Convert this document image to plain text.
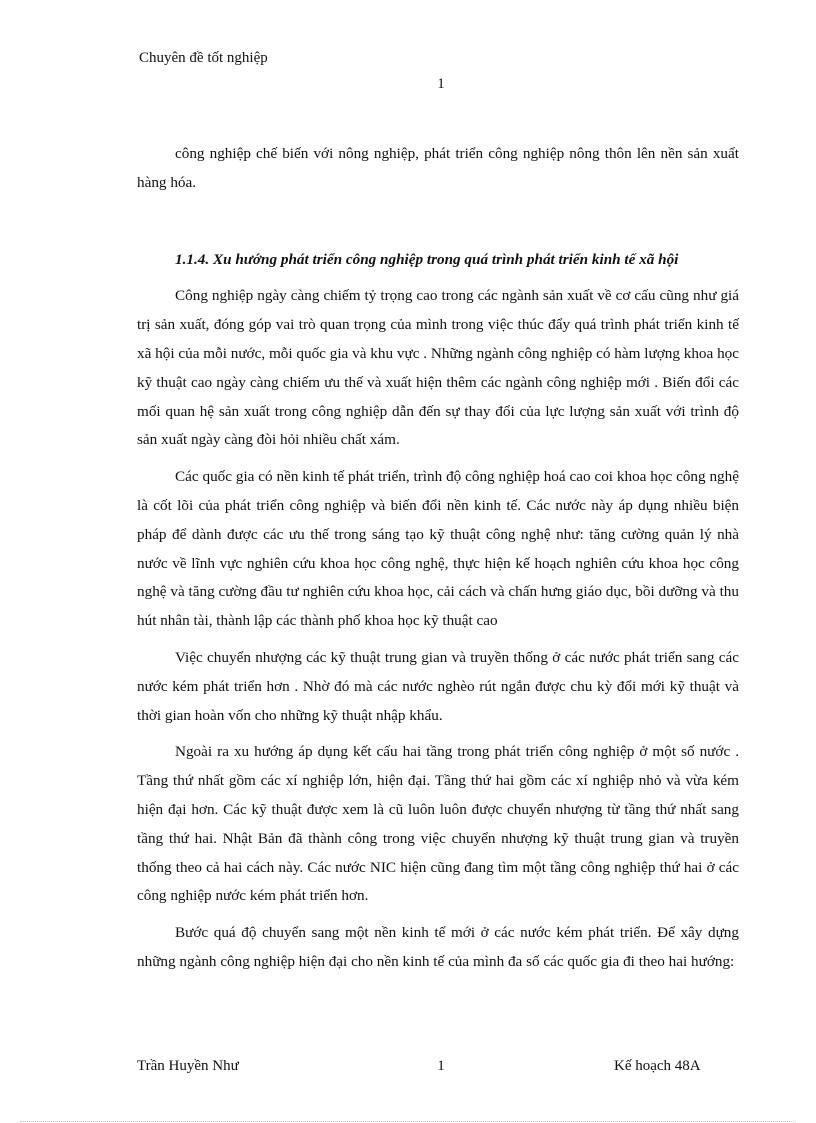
Chuyên đề tốt nghiệp
1

công nghiệp chế biến với nông nghiệp, phát triển công nghiệp nông thôn lên nền sản xuất hàng hóa.

1.1.4. Xu hướng phát triển công nghiệp trong quá trình phát triển kinh tế xã hội

Công nghiệp ngày càng chiếm tỷ trọng cao trong các ngành sản xuất về cơ cấu cũng như giá trị sản xuất, đóng góp vai trò quan trọng của mình trong việc thúc đẩy quá trình phát triển kinh tế xã hội của mỗi nước, mỗi quốc gia và khu vực . Những ngành công nghiệp có hàm lượng khoa học kỹ thuật cao ngày càng chiếm ưu thế và xuất hiện thêm các ngành công nghiệp mới . Biến đổi các mối quan hệ sản xuất trong công nghiệp dẫn đến sự thay đổi của lực lượng sản xuất với trình độ sản xuất ngày càng đòi hỏi nhiều chất xám.

Các quốc gia có nền kinh tế phát triển, trình độ công nghiệp hoá cao coi khoa học công nghệ là cốt lõi của phát triển công nghiệp và biến đổi nền kinh tế. Các nước này áp dụng nhiều biện pháp để dành được các ưu thế trong sáng tạo kỹ thuật công nghệ như: tăng cường quản lý nhà nước về lĩnh vực nghiên cứu khoa học công nghệ, thực hiện kế hoạch nghiên cứu khoa học công nghệ và tăng cường đầu tư nghiên cứu khoa học, cải cách và chấn hưng giáo dục, bồi dưỡng và thu hút nhân tài, thành lập các thành phố khoa học kỹ thuật cao

Việc chuyển nhượng các kỹ thuật trung gian và truyền thống ở các nước phát triển sang các nước kém phát triển hơn . Nhờ đó mà các nước nghèo rút ngắn được chu kỳ đổi mới kỹ thuật và thời gian hoàn vốn cho những kỹ thuật nhập khẩu.

Ngoài ra xu hướng áp dụng kết cấu hai tầng trong phát triển công nghiệp ở một số nước . Tầng thứ nhất gồm các xí nghiệp lớn, hiện đại. Tầng thứ hai gồm các xí nghiệp nhỏ và vừa kém hiện đại hơn. Các kỹ thuật được xem là cũ luôn luôn được chuyển nhượng từ tầng thứ nhất sang tầng thứ hai. Nhật Bản đã thành công trong việc chuyển nhượng kỹ thuật trung gian và truyền thống theo cả hai cách này. Các nước NIC hiện cũng đang tìm một tầng công nghiệp thứ hai ở các công nghiệp nước kém phát triển hơn.

Bước quá độ chuyển sang một nền kinh tế mới ở các nước kém phát triển. Để xây dựng những ngành công nghiệp hiện đại cho nền kinh tế của mình đa số các quốc gia đi theo hai hướng:

Trần Huyền Như	1	Kế hoạch 48A
